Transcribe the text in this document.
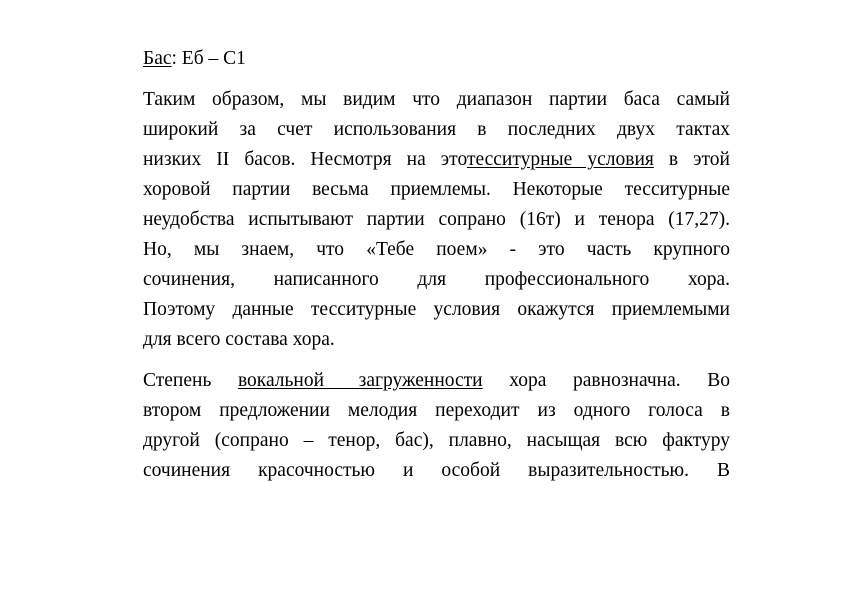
Бас: Еб – С1
Таким образом, мы видим что диапазон партии баса самый
широкий за счет использования в последних двух тактах
низких II басов. Несмотря на этотесситурные условия в этой
хоровой партии весьма приемлемы. Некоторые тесситурные
неудобства испытывают партии сопрано (16т) и тенора (17,27).
Но, мы знаем, что «Тебе поем» - это часть крупного
сочинения, написанного для профессионального хора.
Поэтому данные тесситурные условия окажутся приемлемыми
для всего состава хора.
Степень вокальной загруженности хора равнозначна. Во
втором предложении мелодия переходит из одного голоса в
другой (сопрано – тенор, бас), плавно, насыщая всю фактуру
сочинения красочностью и особой выразительностью. В
